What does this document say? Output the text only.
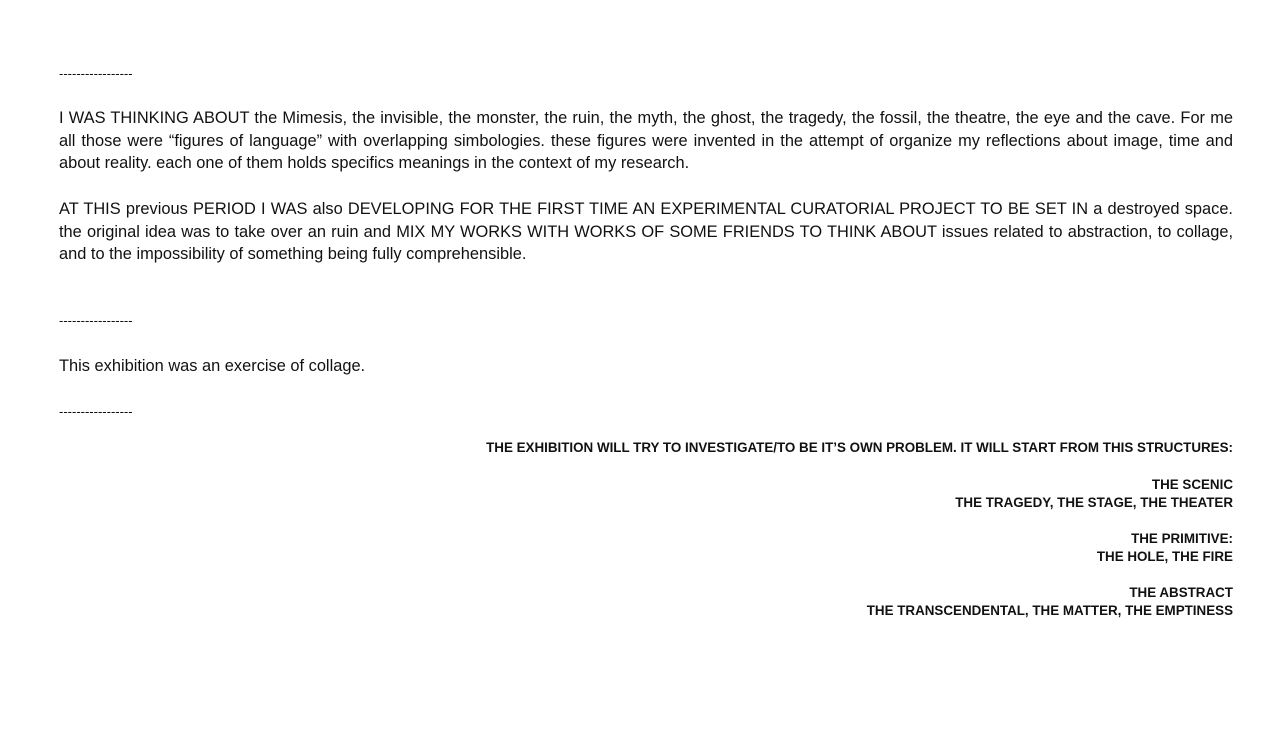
-----------------

I WAS THINKING ABOUT the Mimesis, the invisible, the monster, the ruin, the myth, the ghost, the tragedy, the fossil, the theatre, the eye and the cave. For me all those were “figures of language” with overlapping simbologies. these figures were invented in the attempt of organize my reflections about image, time and about reality. each one of them holds specifics meanings in the context of my research.

AT THIS previous PERIOD I WAS also DEVELOPING FOR THE FIRST TIME AN EXPERIMENTAL CURATORIAL PROJECT TO BE SET IN a destroyed space. the original idea was to take over an ruin and MIX MY WORKS WITH WORKS OF SOME FRIENDS TO THINK ABOUT issues related to abstraction, to collage, and to the impossibility of something being fully comprehensible.

-----------------

This exhibition was an exercise of collage.

-----------------
THE EXHIBITION WILL TRY TO INVESTIGATE/TO BE IT’S OWN PROBLEM. IT WILL START FROM THIS STRUCTURES:
THE SCENIC
THE TRAGEDY, THE STAGE, THE THEATER
THE PRIMITIVE:
THE HOLE, THE FIRE
THE ABSTRACT
THE TRANSCENDENTAL, THE MATTER, THE EMPTINESS
